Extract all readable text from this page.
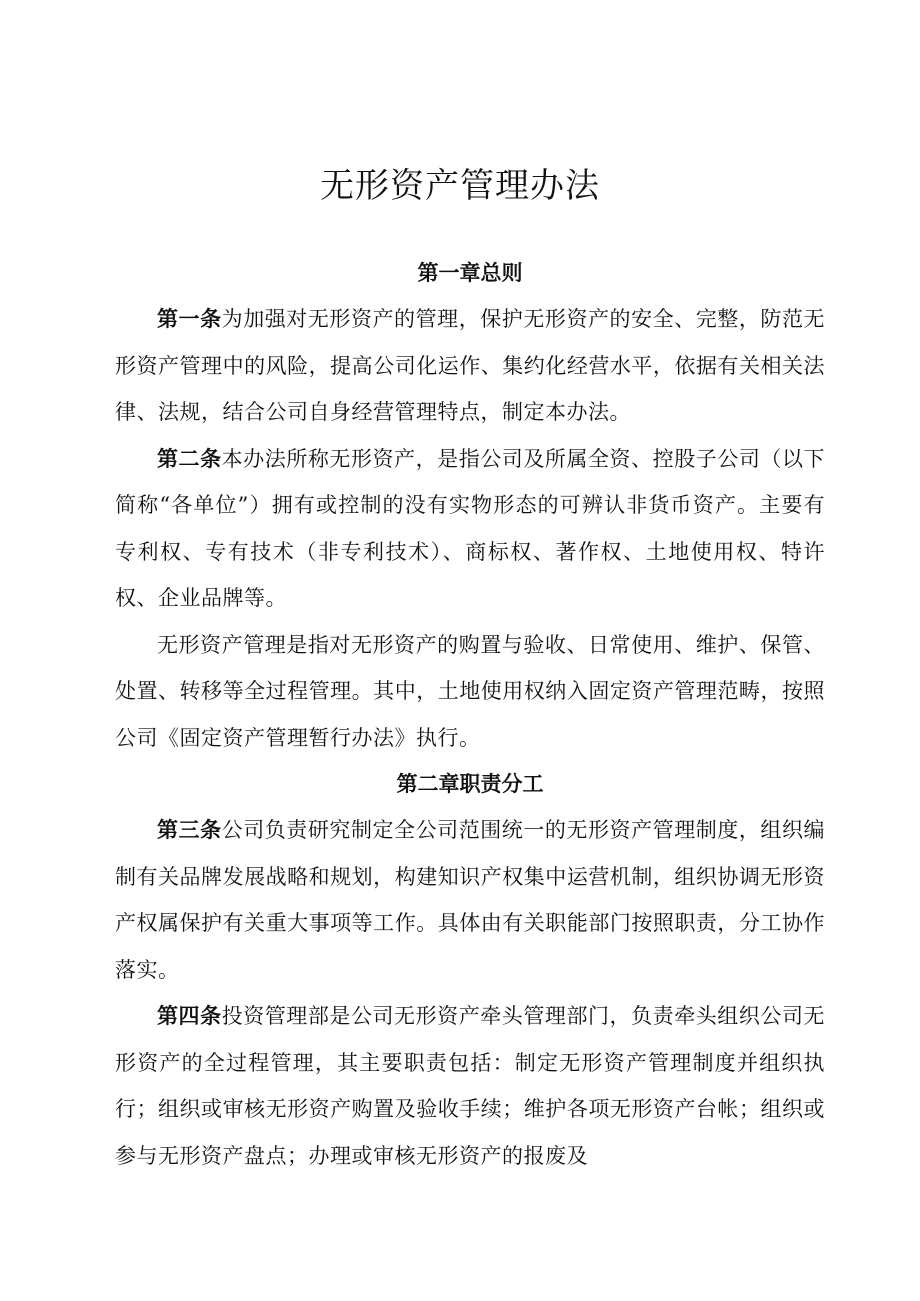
无形资产管理办法
第一章总则

第一条为加强对无形资产的管理，保护无形资产的安全、完整，防范无形资产管理中的风险，提高公司化运作、集约化经营水平，依据有关相关法律、法规，结合公司自身经营管理特点，制定本办法。

第二条本办法所称无形资产，是指公司及所属全资、控股子公司（以下简称“各单位”）拥有或控制的没有实物形态的可辨认非货币资产。主要有专利权、专有技术（非专利技术）、商标权、著作权、土地使用权、特许权、企业品牌等。

无形资产管理是指对无形资产的购置与验收、日常使用、维护、保管、处置、转移等全过程管理。其中，土地使用权纳入固定资产管理范畴，按照公司《固定资产管理暂行办法》执行。

第二章职责分工

第三条公司负责研究制定全公司范围统一的无形资产管理制度，组织编制有关品牌发展战略和规划，构建知识产权集中运营机制，组织协调无形资产权属保护有关重大事项等工作。具体由有关职能部门按照职责，分工协作落实。

第四条投资管理部是公司无形资产牵头管理部门，负责牵头组织公司无形资产的全过程管理，其主要职责包括：制定无形资产管理制度并组织执行；组织或审核无形资产购置及验收手续；维护各项无形资产台帐；组织或参与无形资产盘点；办理或审核无形资产的报废及
